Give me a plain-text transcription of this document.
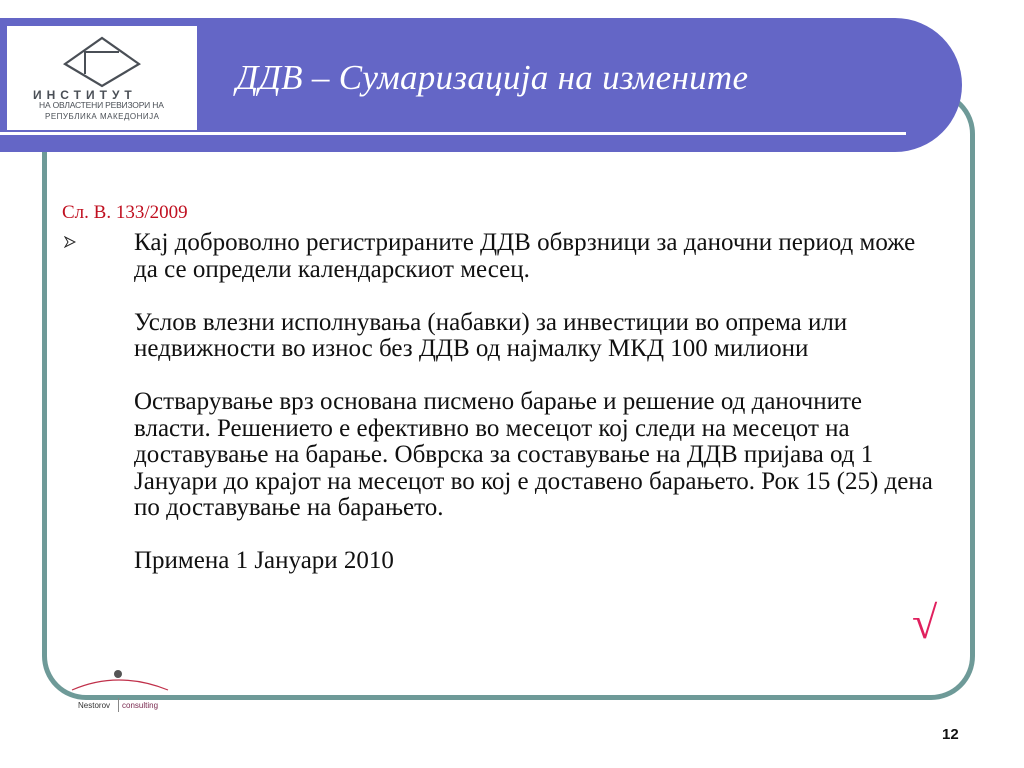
ДДВ – Сумаризација на измените
ИНСТИТУТ
НА ОВЛАСТЕНИ РЕВИЗОРИ НА
РЕПУБЛИКА МАКЕДОНИЈА
Сл. В. 133/2009

Кај доброволно регистрираните ДДВ обврзници за даночни период може да се определи календарскиот месец.

Услов влезни исполнувања (набавки) за инвестиции во опрема или недвижности во износ без ДДВ од најмалку МКД 100 милиони

Остварување врз основана писмено барање и решение од даночните власти. Решението е ефективно во месецот кој следи на месецот на доставување на барање. Обврска за составување на ДДВ пријава од 1 Јануари до крајот на месецот во кој е доставено барањето. Рок 15 (25) дена по доставување на барањето.

Примена 1 Јануари 2010

√
Nestorov consulting
12
